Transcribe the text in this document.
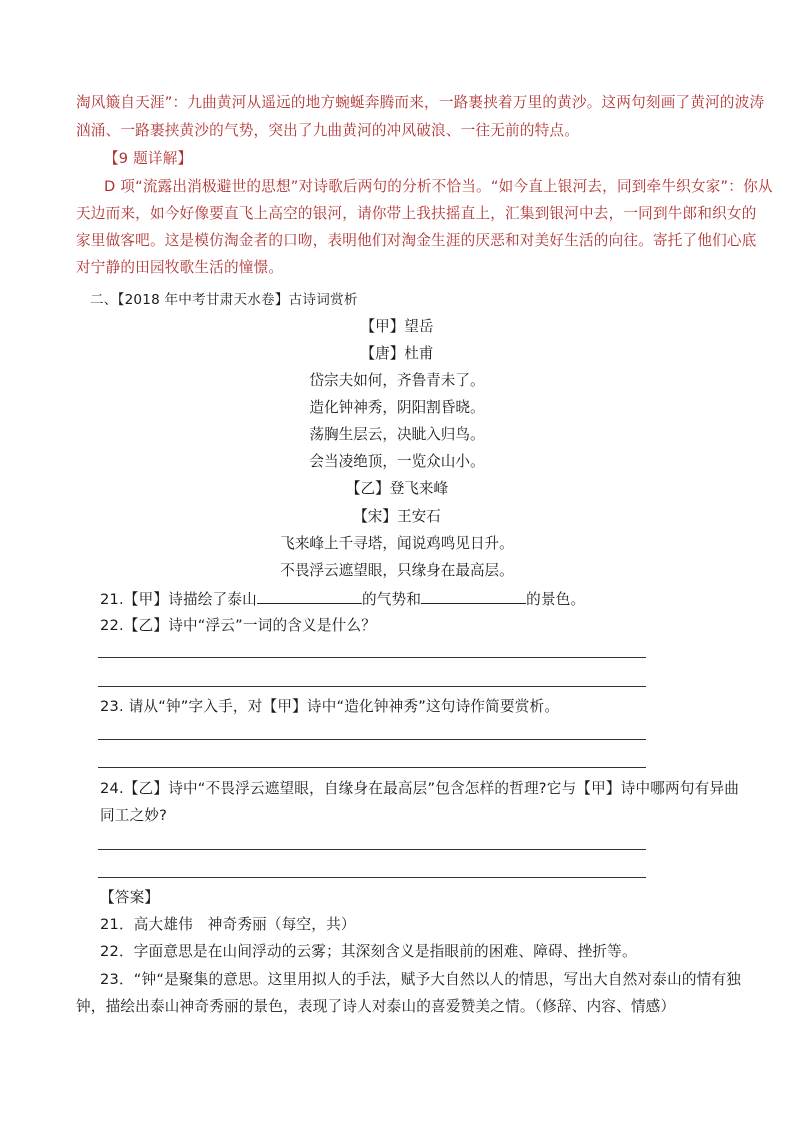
淘风簸自天涯”：九曲黄河从遥远的地方蜿蜒奔腾而来，一路裹挟着万里的黄沙。这两句刻画了黄河的波涛
汹涌、一路裹挟黄沙的气势，突出了九曲黄河的冲风破浪、一往无前的特点。
【9 题详解】
D 项“流露出消极避世的思想”对诗歌后两句的分析不恰当。“如今直上银河去，同到牵牛织女家”：你从
天边而来，如今好像要直飞上高空的银河，请你带上我扶摇直上，汇集到银河中去，一同到牛郎和织女的
家里做客吧。这是模仿淘金者的口吻，表明他们对淘金生涯的厌恶和对美好生活的向往。寄托了他们心底
对宁静的田园牧歌生活的憧憬。
二、【2018 年中考甘肃天水卷】古诗词赏析
【甲】望岳
【唐】杜甫
岱宗夫如何，齐鲁青未了。
造化钟神秀，阴阳割昏晓。
荡胸生层云，决眦入归鸟。
会当凌绝顶，一览众山小。
【乙】登飞来峰
【宋】王安石
飞来峰上千寻塔，闻说鸡鸣见日升。
不畏浮云遮望眼，只缘身在最高层。
21.【甲】诗描绘了泰山	的气势和	的景色。
22.【乙】诗中“浮云”一词的含义是什么？
23. 请从“钟”字入手，对【甲】诗中“造化钟神秀”这句诗作简要赏析。
24.【乙】诗中“不畏浮云遮望眼，自缘身在最高层”包含怎样的哲理?它与【甲】诗中哪两句有异曲
同工之妙?
【答案】
21．高大雄伟　神奇秀丽（每空，共）
22．字面意思是在山间浮动的云雾；其深刻含义是指眼前的困难、障碍、挫折等。
23．“钟“是聚集的意思。这里用拟人的手法，赋予大自然以人的情思，写出大自然对泰山的情有独
钟，描绘出泰山神奇秀丽的景色，表现了诗人对泰山的喜爱赞美之情。（修辞、内容、情感）
